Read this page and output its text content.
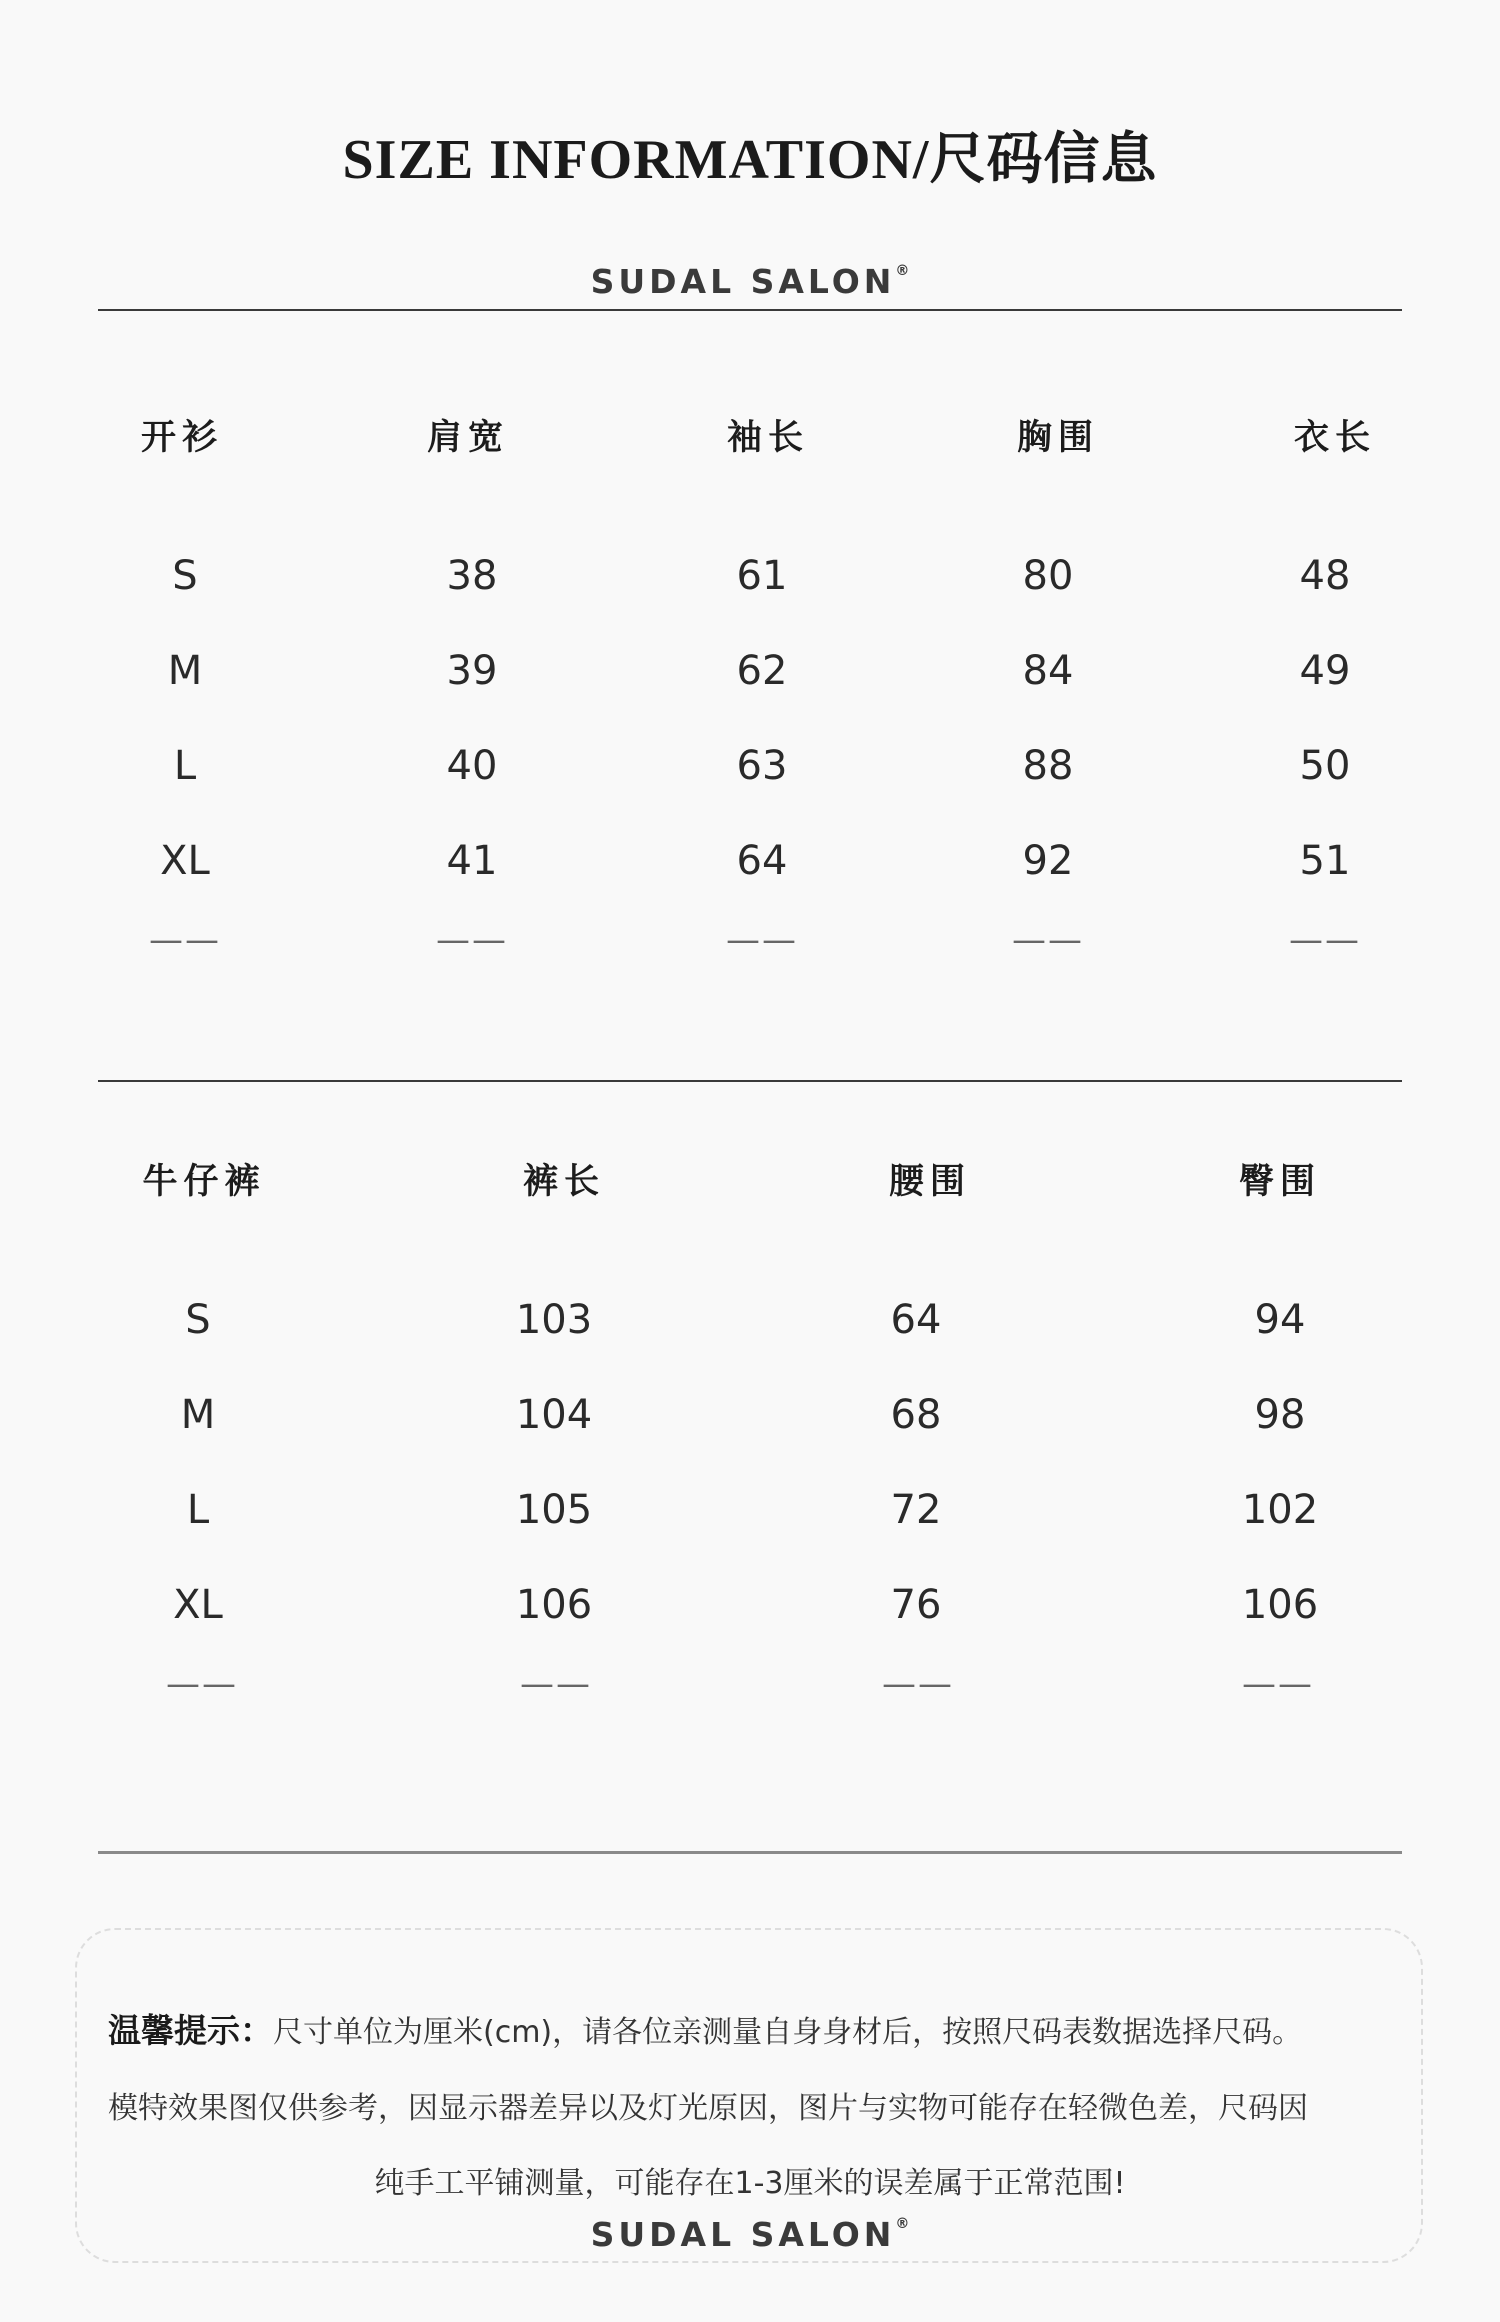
SIZE INFORMATION/尺码信息
SUDAL SALON®
开衫	肩宽	袖长	胸围	衣长
S	38	61	80	48
M	39	62	84	49
L	40	63	88	50
XL	41	64	92	51
——	——	——	——	——
牛仔裤	裤长	腰围	臀围
S	103	64	94
M	104	68	98
L	105	72	102
XL	106	76	106
——	——	——	——
温馨提示：尺寸单位为厘米(cm)，请各位亲测量自身身材后，按照尺码表数据选择尺码。
模特效果图仅供参考，因显示器差异以及灯光原因，图片与实物可能存在轻微色差，尺码因
纯手工平铺测量，可能存在1-3厘米的误差属于正常范围!
SUDAL SALON®
